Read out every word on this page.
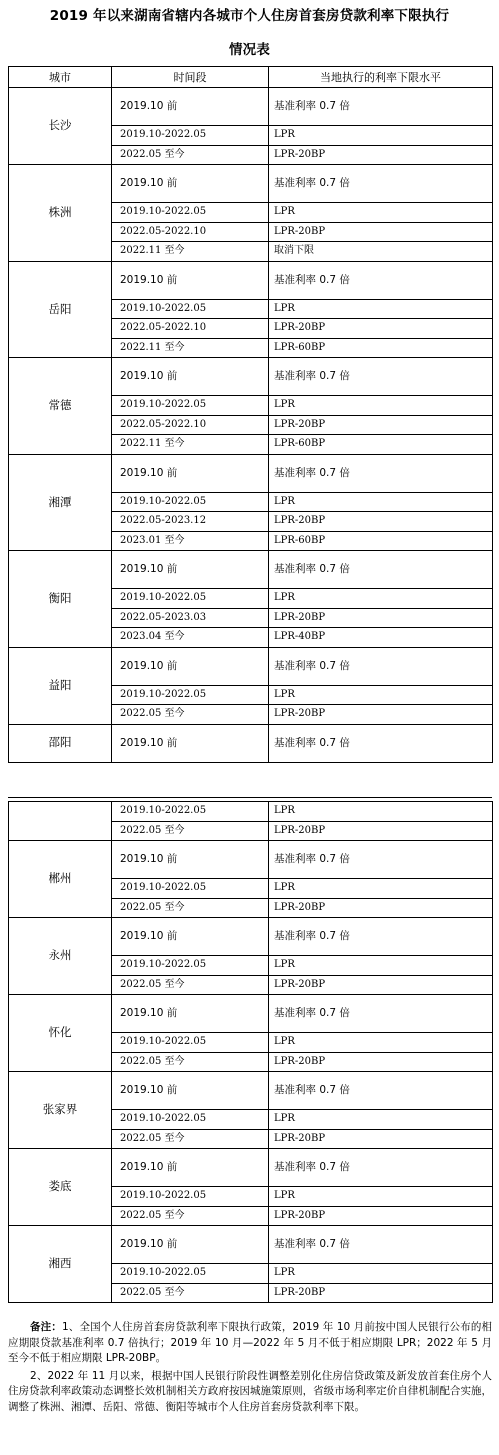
2019 年以来湖南省辖内各城市个人住房首套房贷款利率下限执行
情况表
城市	时间段	当地执行的利率下限水平
长沙	2019.10 前	基准利率 0.7 倍
	2019.10-2022.05	LPR
	2022.05 至今	LPR-20BP
株洲	2019.10 前	基准利率 0.7 倍
	2019.10-2022.05	LPR
	2022.05-2022.10	LPR-20BP
	2022.11 至今	取消下限
岳阳	2019.10 前	基准利率 0.7 倍
	2019.10-2022.05	LPR
	2022.05-2022.10	LPR-20BP
	2022.11 至今	LPR-60BP
常德	2019.10 前	基准利率 0.7 倍
	2019.10-2022.05	LPR
	2022.05-2022.10	LPR-20BP
	2022.11 至今	LPR-60BP
湘潭	2019.10 前	基准利率 0.7 倍
	2019.10-2022.05	LPR
	2022.05-2023.12	LPR-20BP
	2023.01 至今	LPR-60BP
衡阳	2019.10 前	基准利率 0.7 倍
	2019.10-2022.05	LPR
	2022.05-2023.03	LPR-20BP
	2023.04 至今	LPR-40BP
益阳	2019.10 前	基准利率 0.7 倍
	2019.10-2022.05	LPR
	2022.05 至今	LPR-20BP
邵阳	2019.10 前	基准利率 0.7 倍
	2019.10-2022.05	LPR
	2022.05 至今	LPR-20BP
郴州	2019.10 前	基准利率 0.7 倍
	2019.10-2022.05	LPR
	2022.05 至今	LPR-20BP
永州	2019.10 前	基准利率 0.7 倍
	2019.10-2022.05	LPR
	2022.05 至今	LPR-20BP
怀化	2019.10 前	基准利率 0.7 倍
	2019.10-2022.05	LPR
	2022.05 至今	LPR-20BP
张家界	2019.10 前	基准利率 0.7 倍
	2019.10-2022.05	LPR
	2022.05 至今	LPR-20BP
娄底	2019.10 前	基准利率 0.7 倍
	2019.10-2022.05	LPR
	2022.05 至今	LPR-20BP
湘西	2019.10 前	基准利率 0.7 倍
	2019.10-2022.05	LPR
	2022.05 至今	LPR-20BP

备注：1、全国个人住房首套房贷款利率下限执行政策，2019 年 10 月前按中国人民银行公布的相应期限贷款基准利率 0.7 倍执行；2019 年 10 月—2022 年 5 月不低于相应期限 LPR；2022 年 5 月至今不低于相应期限 LPR-20BP。

2、2022 年 11 月以来，根据中国人民银行阶段性调整差别化住房信贷政策及新发放首套住房个人住房贷款利率政策动态调整长效机制相关方政府按因城施策原则，省级市场利率定价自律机制配合实施，调整了株洲、湘潭、岳阳、常德、衡阳等城市个人住房首套房贷款利率下限。
